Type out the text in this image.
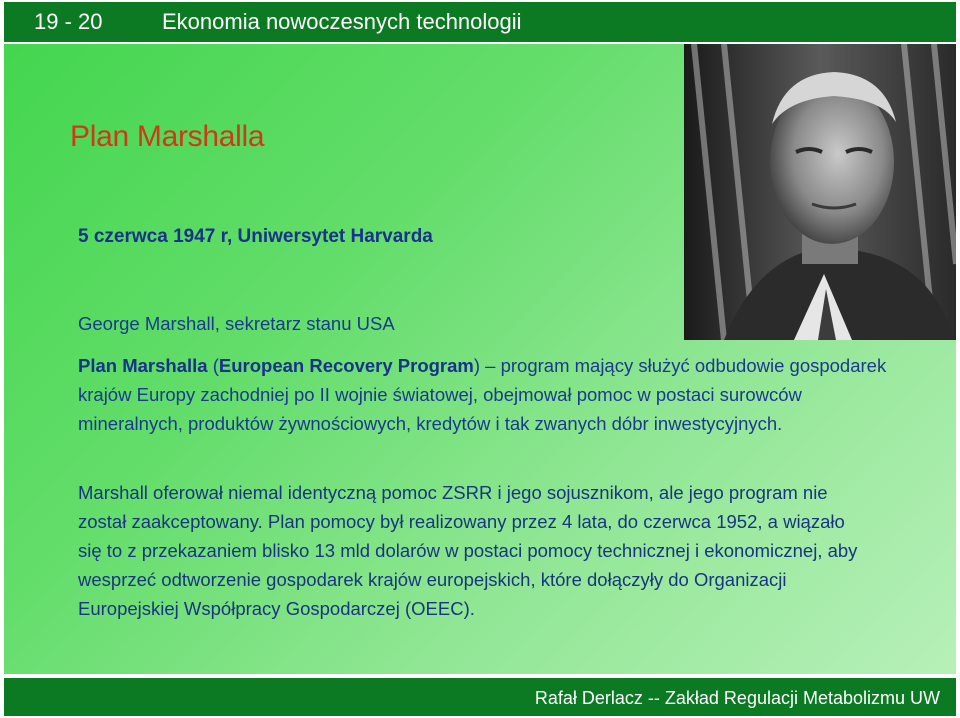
19 - 20	Ekonomia nowoczesnych technologii
Plan Marshalla
5 czerwca 1947 r, Uniwersytet Harvarda
George Marshall, sekretarz stanu USA
Plan Marshalla (European Recovery Program) – program mający służyć odbudowie gospodarek krajów Europy zachodniej po II wojnie światowej, obejmował pomoc w postaci surowców mineralnych, produktów żywnościowych, kredytów i tak zwanych dóbr inwestycyjnych.
Marshall oferował niemal identyczną pomoc ZSRR i jego sojusznikom, ale jego program nie został zaakceptowany. Plan pomocy był realizowany przez 4 lata, do czerwca 1952, a wiązało się to z przekazaniem blisko 13 mld dolarów w postaci pomocy technicznej i ekonomicznej, aby wesprzeć odtworzenie gospodarek krajów europejskich, które dołączyły do Organizacji Europejskiej Współpracy Gospodarczej (OEEC).
Rafał Derlacz -- Zakład Regulacji Metabolizmu UW
